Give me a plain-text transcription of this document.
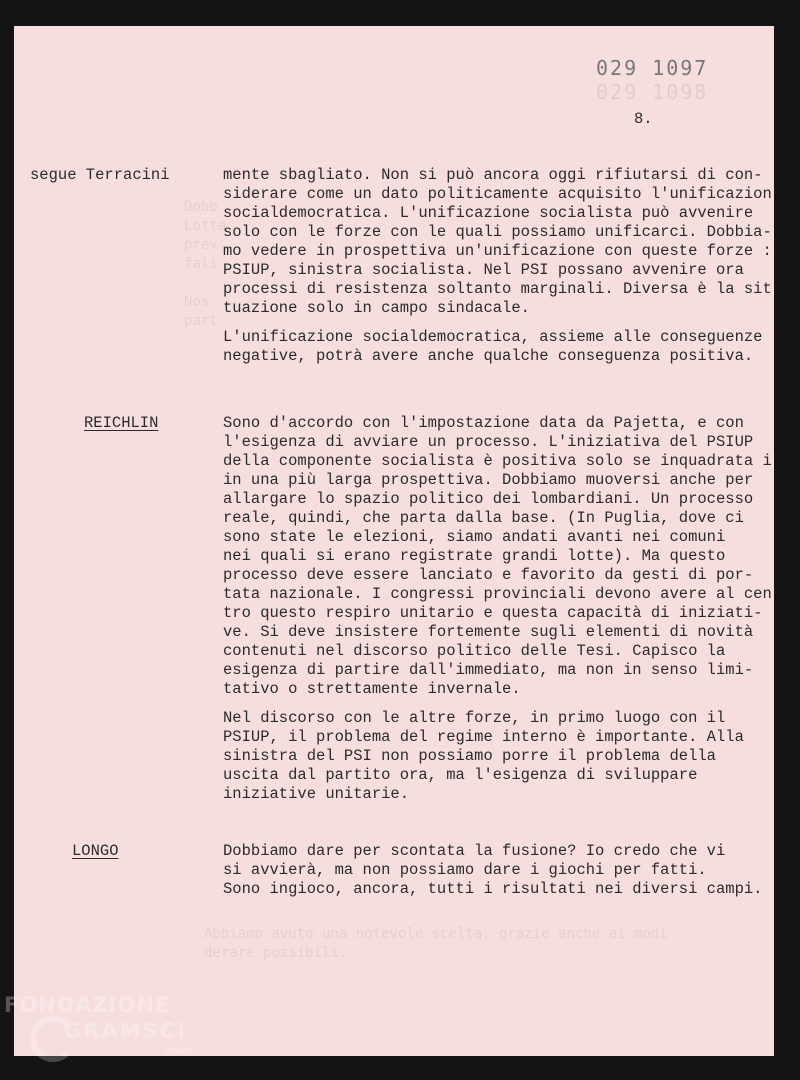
Dobb
Lotta
prev
fali

Nos
part

029 1097
029 1098
8.
segue Terracini	mente sbagliato. Non si può ancora oggi rifiutarsi di con-

siderare come un dato politicamente acquisito l'unificazion

socialdemocratica. L'unificazione socialista può avvenire

solo con le forze con le quali possiamo unificarci. Dobbia-

mo vedere in prospettiva un'unificazione con queste forze :

PSIUP, sinistra socialista. Nel PSI possano avvenire ora

processi di resistenza soltanto marginali. Diversa è la sit

tuazione solo in campo sindacale.

L'unificazione socialdemocratica, assieme alle conseguenze

negative, potrà avere anche qualche conseguenza positiva.

REICHLIN	Sono d'accordo con l'impostazione data da Pajetta, e con

l'esigenza di avviare un processo. L'iniziativa del PSIUP

della componente socialista è positiva solo se inquadrata i

in una più larga prospettiva. Dobbiamo muoversi anche per

allargare lo spazio politico dei lombardiani. Un processo

reale, quindi, che parta dalla base. (In Puglia, dove ci

sono state le elezioni, siamo andati avanti nei comuni

nei quali si erano registrate grandi lotte). Ma questo

processo deve essere lanciato e favorito da gesti di por-

tata nazionale. I congressi provinciali devono avere al cen

tro questo respiro unitario e questa capacità di iniziati-

ve. Si deve insistere fortemente sugli elementi di novità

contenuti nel discorso politico delle Tesi. Capisco la

esigenza di partire dall'immediato, ma non in senso limi-

tativo o strettamente invernale.

Nel discorso con le altre forze, in primo luogo con il

PSIUP, il problema del regime interno è importante. Alla

sinistra del PSI non possiamo porre il problema della

uscita dal partito ora, ma l'esigenza di sviluppare

iniziative unitarie.

LONGO	Dobbiamo dare per scontata la fusione? Io credo che vi

si avvierà, ma non possiamo dare i giochi per fatti.

Sono ingioco, ancora, tutti i risultati nei diversi campi.

Abbiamo avuto una notevole scelta, grazie anche ai modi
derare possibili.
FONDAZIONE
GRAMSCI
ONLUS
